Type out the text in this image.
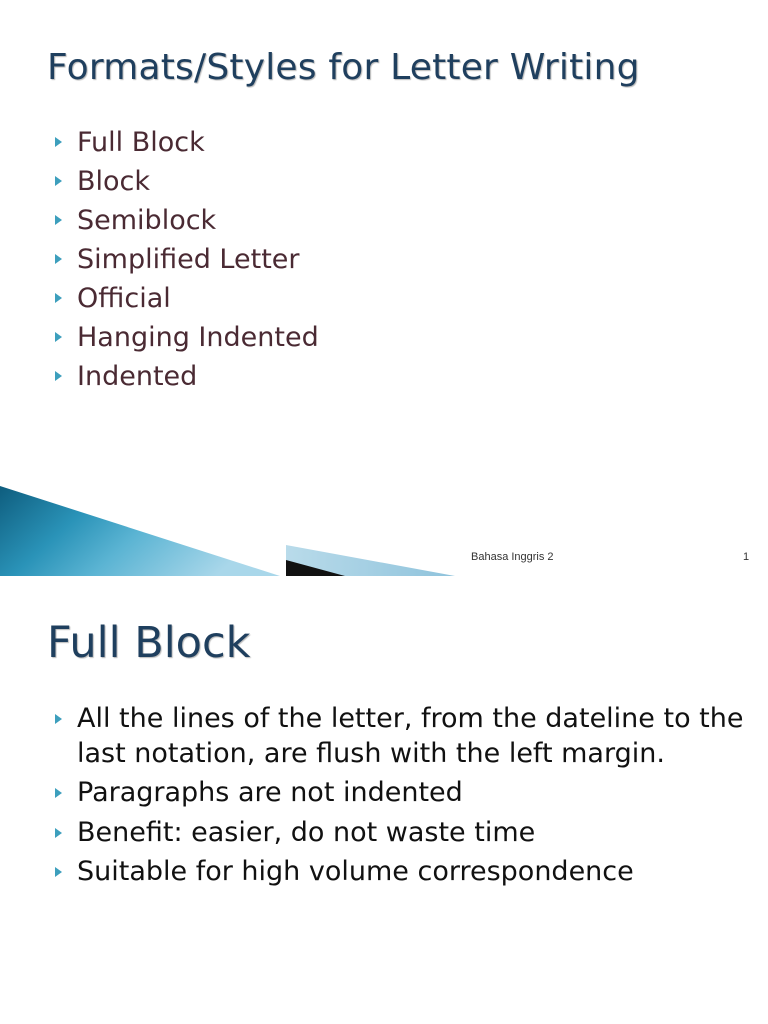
Formats/Styles for Letter Writing
Full Block
Block
Semiblock
Simplified Letter
Official
Hanging Indented
Indented
Bahasa Inggris 2	1
Full Block
All the lines of the letter, from the dateline to the last notation, are flush with the left margin.
Paragraphs are not indented
Benefit: easier, do not waste time
Suitable for high volume correspondence
